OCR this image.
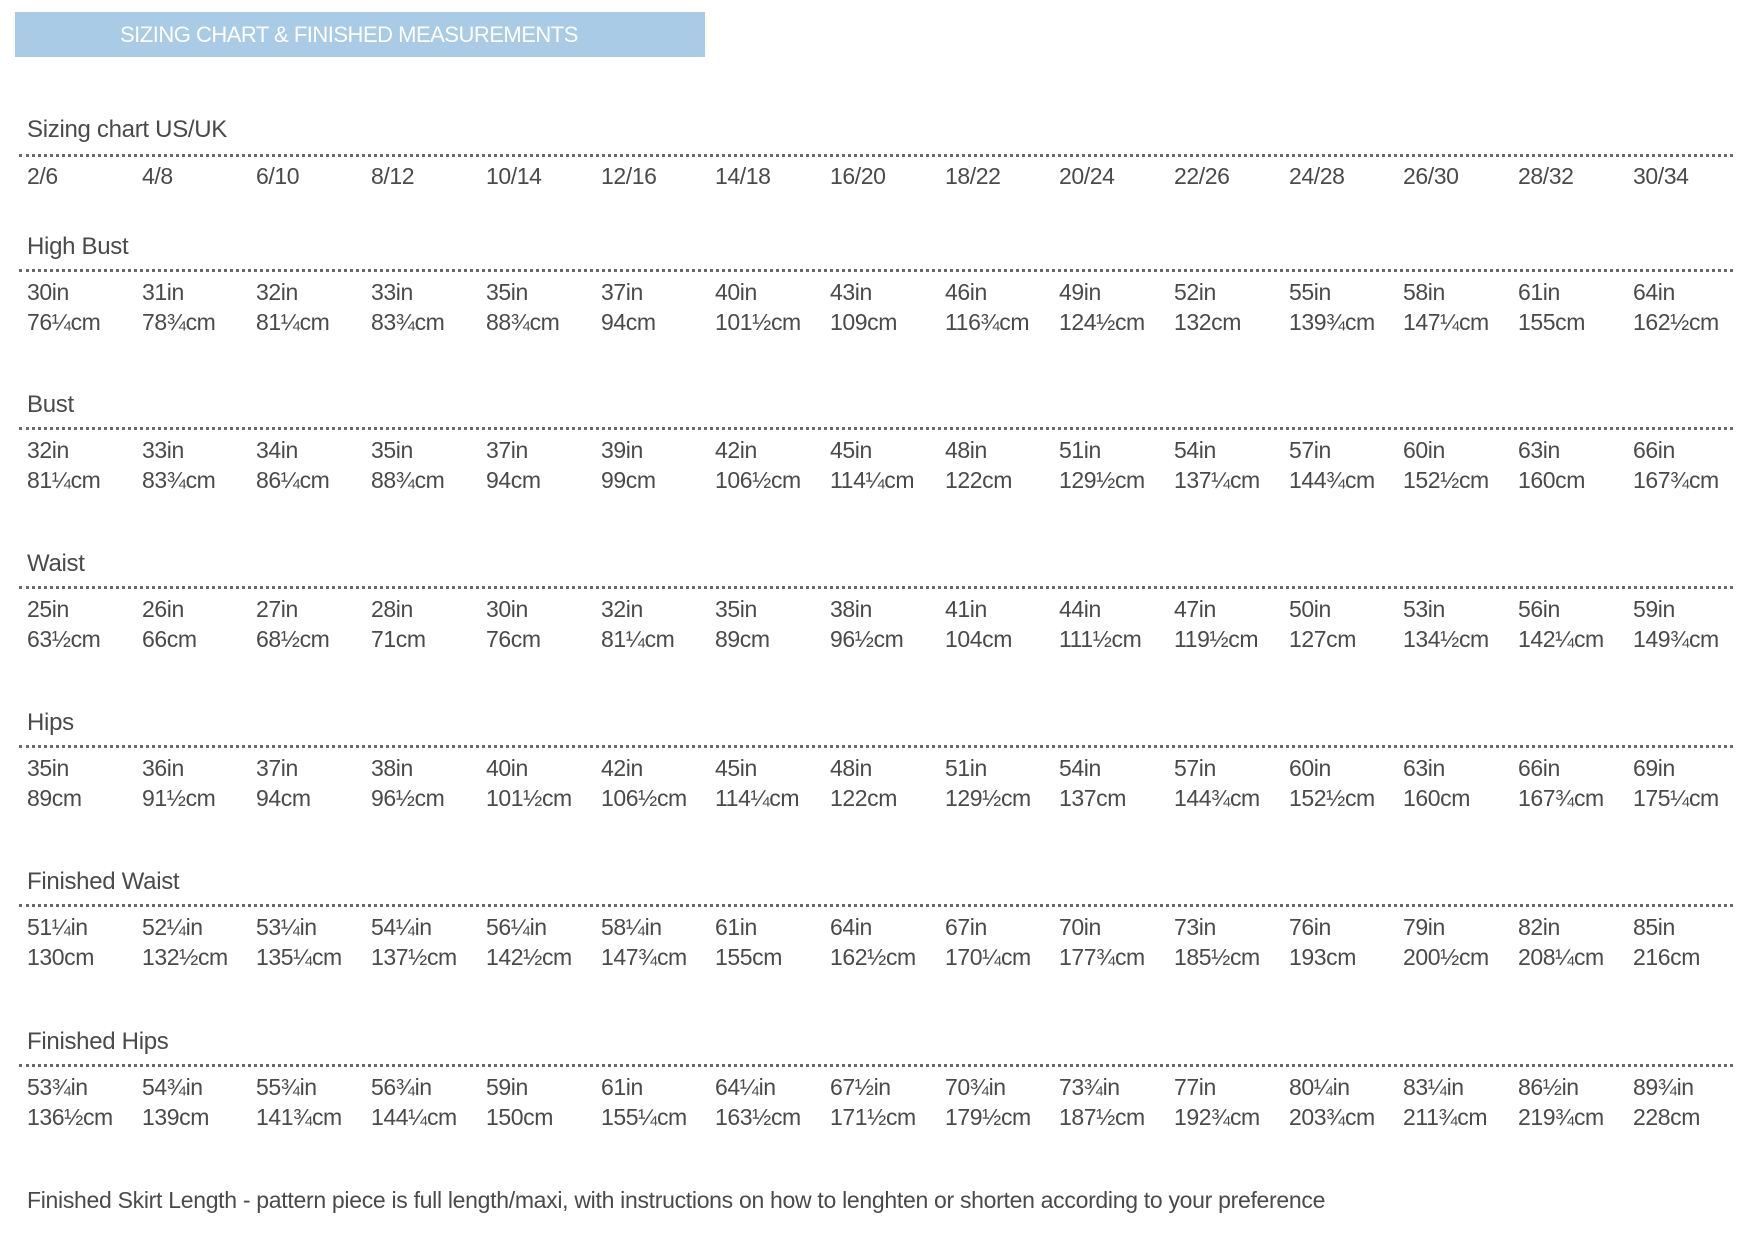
SIZING CHART & FINISHED MEASUREMENTS
Sizing chart US/UK
2/6	4/8	6/10	8/12	10/14	12/16	14/18	16/20	18/22	20/24	22/26	24/28	26/30	28/32	30/34
High Bust
30in	31in	32in	33in	35in	37in	40in	43in	46in	49in	52in	55in	58in	61in	64in
76¼cm 78¾cm 81¼cm 83¾cm 88¾cm 94cm	101½cm 109cm 116¾cm 124½cm 132cm 139¾cm 147¼cm 155cm 162½cm
Bust
32in	33in	34in	35in	37in	39in	42in	45in	48in	51in	54in	57in	60in	63in	66in
81¼cm 83¾cm 86¼cm 88¾cm 94cm	99cm	106½cm 114¼cm 122cm 129½cm 137¼cm 144¾cm 152½cm 160cm 167¾cm
Waist
25in	26in	27in	28in	30in	32in	35in	38in	41in	44in	47in	50in	53in	56in	59in
63½cm 66cm	68½cm 71cm	76cm	81¼cm 89cm	96½cm 104cm 111½cm 119½cm 127cm 134½cm 142¼cm 149¾cm
Hips
35in	36in	37in	38in	40in	42in	45in	48in	51in	54in	57in	60in	63in	66in	69in
89cm	91½cm 94cm	96½cm 101½cm 106½cm 114¼cm 122cm 129½cm 137cm 144¾cm 152½cm 160cm 167¾cm 175¼cm
Finished Waist
51¼in 52¼in 53¼in 54¼in 56¼in 58¼in 61in	64in	67in	70in	73in	76in	79in	82in	85in
130cm 132½cm 135¼cm 137½cm 142½cm 147¾cm 155cm 162½cm 170¼cm 177¾cm 185½cm 193cm 200½cm 208¼cm 216cm
Finished Hips
53¾in 54¾in 55¾in 56¾in 59in	61in	64¼in 67½in 70¾in 73¾in 77in	80¼in 83¼in 86½in 89¾in
136½cm 139cm 141¾cm 144¼cm 150cm 155¼cm 163½cm 171½cm 179½cm 187½cm 192¾cm 203¾cm 211¾cm 219¾cm 228cm
Finished Skirt Length - pattern piece is full length/maxi, with instructions on how to lenghten or shorten according to your preference
